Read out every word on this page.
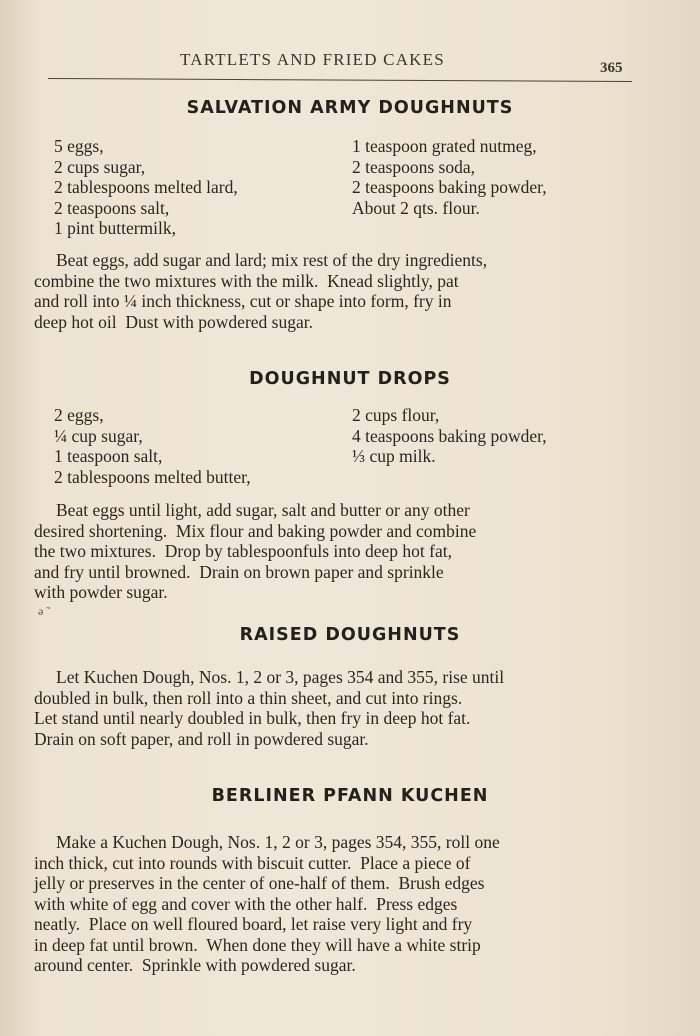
TARTLETS AND FRIED CAKES	365
SALVATION ARMY DOUGHNUTS
5 eggs,
2 cups sugar,
2 tablespoons melted lard,
2 teaspoons salt,
1 pint buttermilk,
1 teaspoon grated nutmeg,
2 teaspoons soda,
2 teaspoons baking powder,
About 2 qts. flour.
Beat eggs, add sugar and lard; mix rest of the dry ingredients,
combine the two mixtures with the milk.  Knead slightly, pat
and roll into ¼ inch thickness, cut or shape into form, fry in
deep hot oil  Dust with powdered sugar.
DOUGHNUT DROPS
2 eggs,
¼ cup sugar,
1 teaspoon salt,
2 tablespoons melted butter,
2 cups flour,
4 teaspoons baking powder,
⅓ cup milk.
Beat eggs until light, add sugar, salt and butter or any other
desired shortening.  Mix flour and baking powder and combine
the two mixtures.  Drop by tablespoonfuls into deep hot fat,
and fry until browned.  Drain on brown paper and sprinkle
with powder sugar.
ǝ ˜
RAISED DOUGHNUTS
Let Kuchen Dough, Nos. 1, 2 or 3, pages 354 and 355, rise until
doubled in bulk, then roll into a thin sheet, and cut into rings.
Let stand until nearly doubled in bulk, then fry in deep hot fat.
Drain on soft paper, and roll in powdered sugar.
BERLINER PFANN KUCHEN
Make a Kuchen Dough, Nos. 1, 2 or 3, pages 354, 355, roll one
inch thick, cut into rounds with biscuit cutter.  Place a piece of
jelly or preserves in the center of one-half of them.  Brush edges
with white of egg and cover with the other half.  Press edges
neatly.  Place on well floured board, let raise very light and fry
in deep fat until brown.  When done they will have a white strip
around center.  Sprinkle with powdered sugar.
